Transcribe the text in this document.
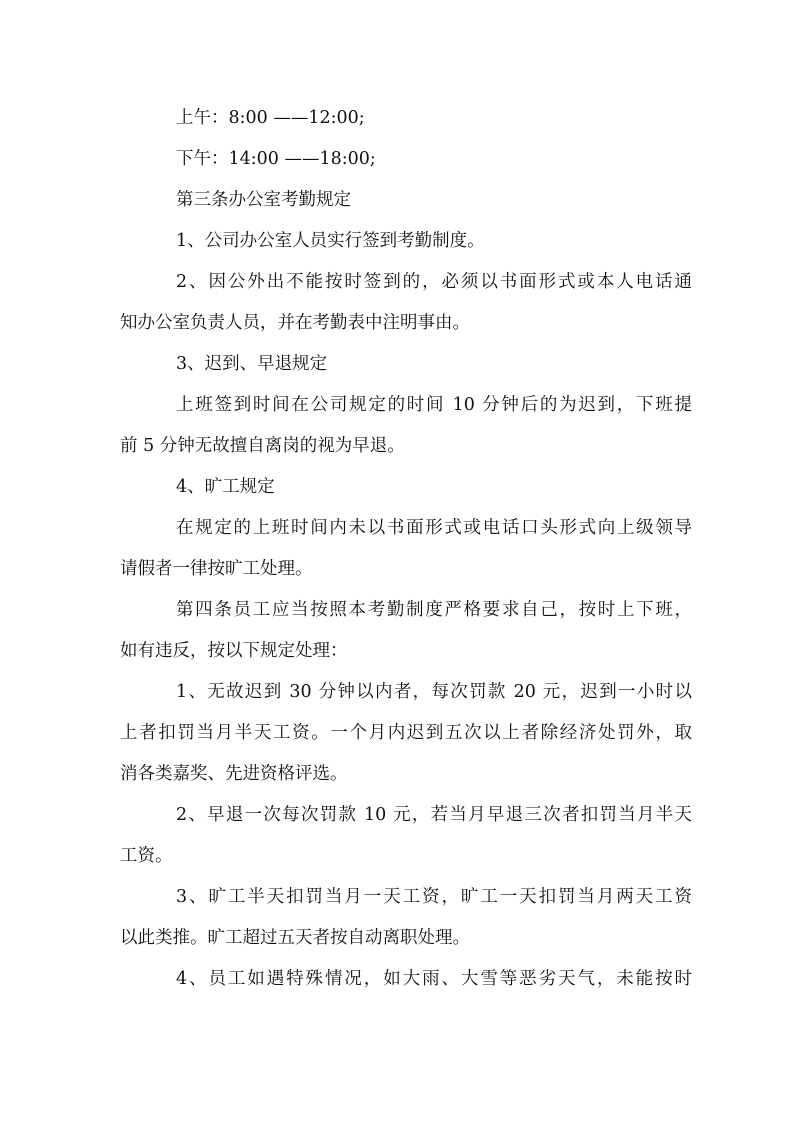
上午：8:00 ——12:00;
下午：14:00 ——18:00;
第三条办公室考勤规定
1、公司办公室人员实行签到考勤制度。
2、因公外出不能按时签到的，必须以书面形式或本人电话通
知办公室负责人员，并在考勤表中注明事由。
3、迟到、早退规定
上班签到时间在公司规定的时间 10 分钟后的为迟到，下班提
前 5 分钟无故擅自离岗的视为早退。
4、旷工规定
在规定的上班时间内未以书面形式或电话口头形式向上级领导
请假者一律按旷工处理。
第四条员工应当按照本考勤制度严格要求自己，按时上下班，
如有违反，按以下规定处理：
1、无故迟到 30 分钟以内者，每次罚款 20 元，迟到一小时以
上者扣罚当月半天工资。一个月内迟到五次以上者除经济处罚外，取
消各类嘉奖、先进资格评选。
2、早退一次每次罚款 10 元，若当月早退三次者扣罚当月半天
工资。
3、旷工半天扣罚当月一天工资，旷工一天扣罚当月两天工资
以此类推。旷工超过五天者按自动离职处理。
4、员工如遇特殊情况，如大雨、大雪等恶劣天气，未能按时
